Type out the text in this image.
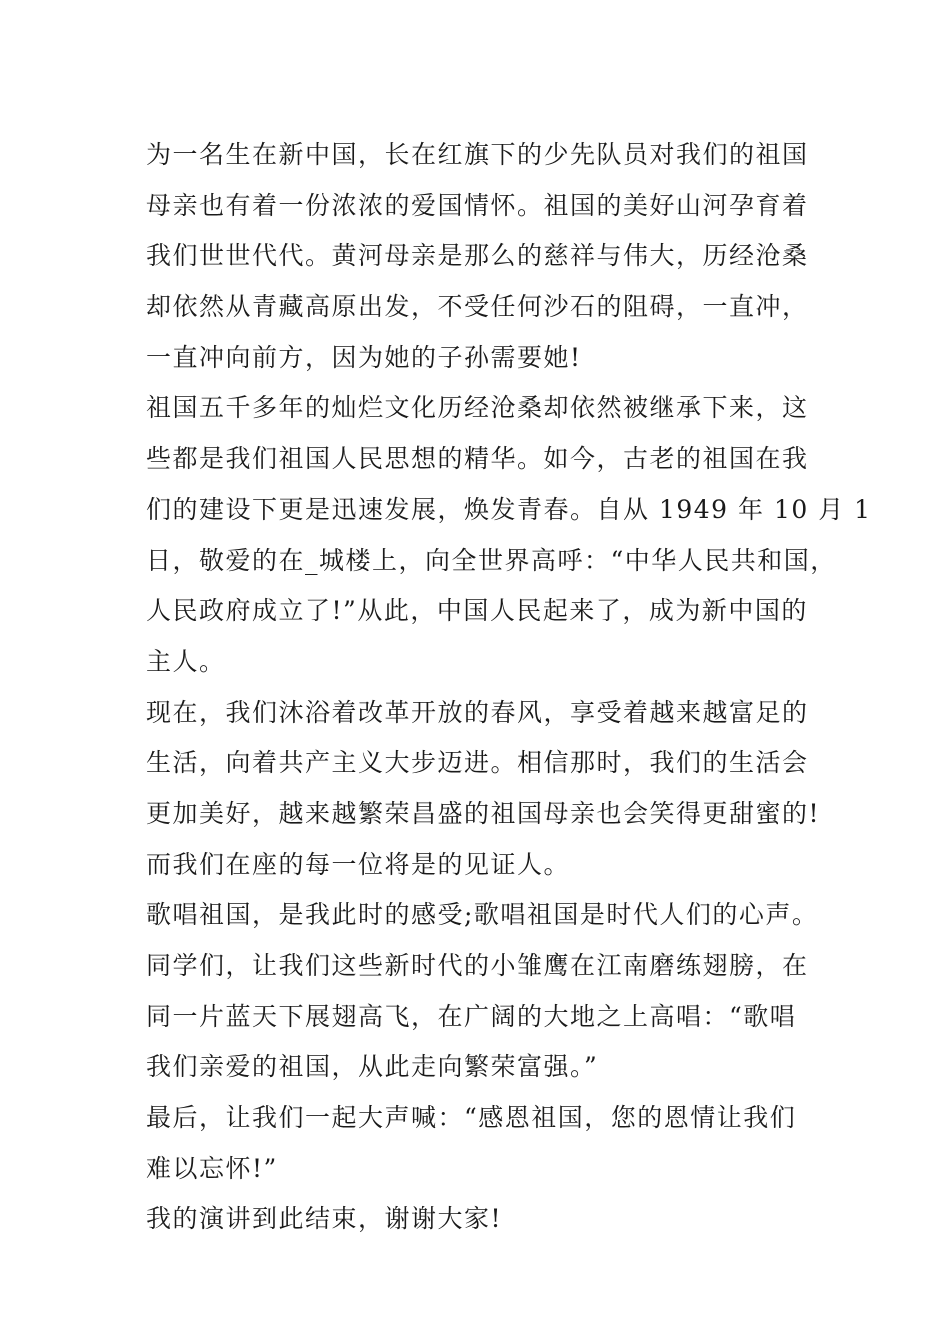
为一名生在新中国，长在红旗下的少先队员对我们的祖国
母亲也有着一份浓浓的爱国情怀。祖国的美好山河孕育着
我们世世代代。黄河母亲是那么的慈祥与伟大，历经沧桑
却依然从青藏高原出发，不受任何沙石的阻碍，一直冲，
一直冲向前方，因为她的子孙需要她!
祖国五千多年的灿烂文化历经沧桑却依然被继承下来，这
些都是我们祖国人民思想的精华。如今，古老的祖国在我
们的建设下更是迅速发展，焕发青春。自从 1949 年 10 月 1
日，敬爱的在_城楼上，向全世界高呼：“中华人民共和国，
人民政府成立了!”从此，中国人民起来了，成为新中国的
主人。
现在，我们沐浴着改革开放的春风，享受着越来越富足的
生活，向着共产主义大步迈进。相信那时，我们的生活会
更加美好，越来越繁荣昌盛的祖国母亲也会笑得更甜蜜的!
而我们在座的每一位将是的见证人。
歌唱祖国，是我此时的感受;歌唱祖国是时代人们的心声。
同学们，让我们这些新时代的小雏鹰在江南磨练翅膀，在
同一片蓝天下展翅高飞，在广阔的大地之上高唱：“歌唱
我们亲爱的祖国，从此走向繁荣富强。”
最后，让我们一起大声喊：“感恩祖国，您的恩情让我们
难以忘怀!”
我的演讲到此结束，谢谢大家!
